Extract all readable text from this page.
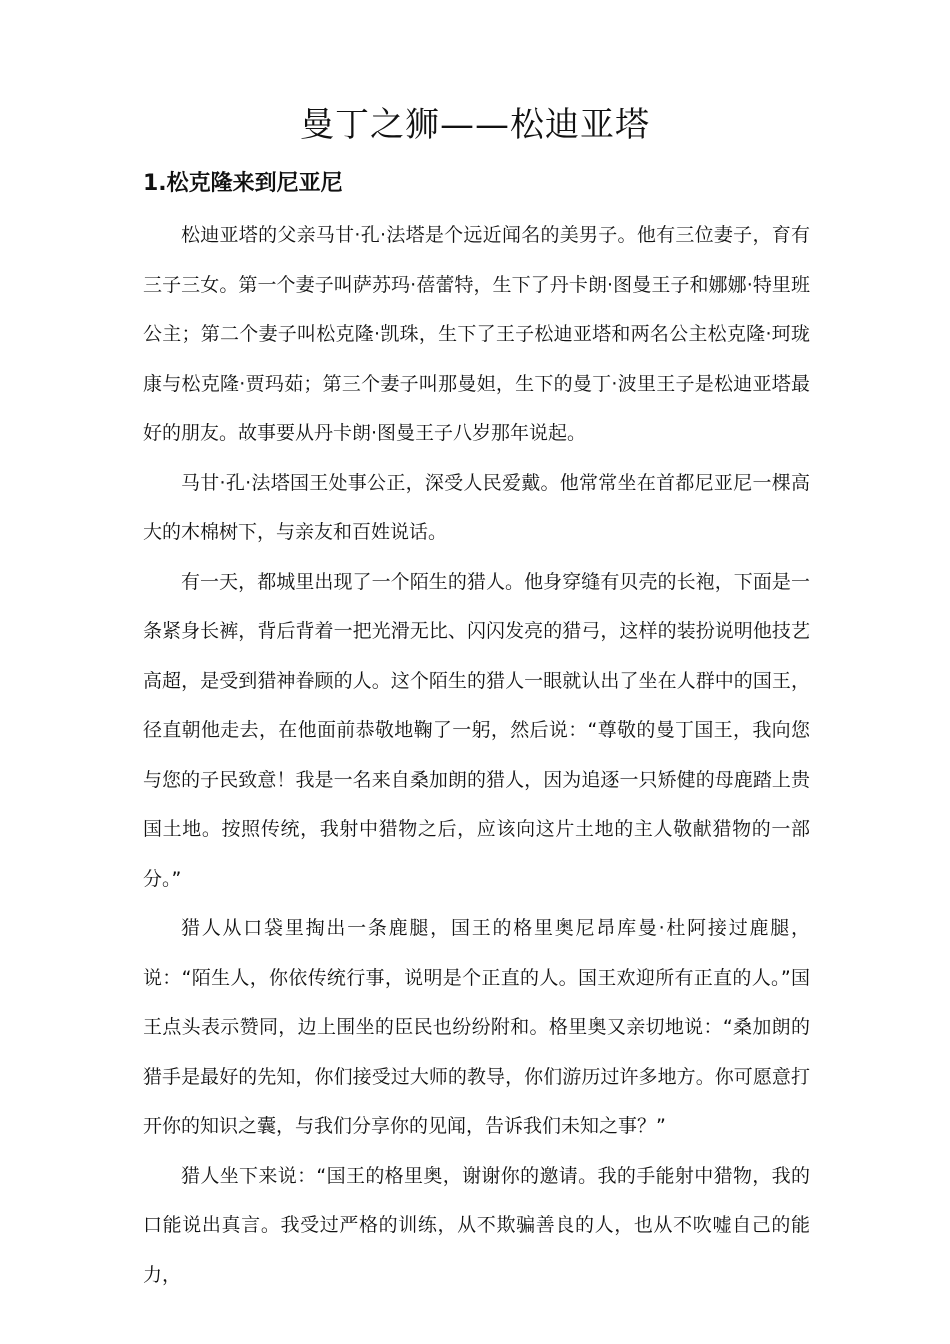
曼丁之狮——松迪亚塔
1.松克隆来到尼亚尼

松迪亚塔的父亲马甘·孔·法塔是个远近闻名的美男子。他有三位妻子，育有三子三女。第一个妻子叫萨苏玛·蓓蕾特，生下了丹卡朗·图曼王子和娜娜·特里班公主；第二个妻子叫松克隆·凯珠，生下了王子松迪亚塔和两名公主松克隆·珂珑康与松克隆·贾玛茹；第三个妻子叫那曼妲，生下的曼丁·波里王子是松迪亚塔最好的朋友。故事要从丹卡朗·图曼王子八岁那年说起。

马甘·孔·法塔国王处事公正，深受人民爱戴。他常常坐在首都尼亚尼一棵高大的木棉树下，与亲友和百姓说话。

有一天，都城里出现了一个陌生的猎人。他身穿缝有贝壳的长袍，下面是一条紧身长裤，背后背着一把光滑无比、闪闪发亮的猎弓，这样的装扮说明他技艺高超，是受到猎神眷顾的人。这个陌生的猎人一眼就认出了坐在人群中的国王，径直朝他走去，在他面前恭敬地鞠了一躬，然后说：“尊敬的曼丁国王，我向您与您的子民致意！我是一名来自桑加朗的猎人，因为追逐一只矫健的母鹿踏上贵国土地。按照传统，我射中猎物之后，应该向这片土地的主人敬献猎物的一部分。”

猎人从口袋里掏出一条鹿腿，国王的格里奥尼昂库曼·杜阿接过鹿腿，说：“陌生人，你依传统行事，说明是个正直的人。国王欢迎所有正直的人。”国王点头表示赞同，边上围坐的臣民也纷纷附和。格里奥又亲切地说：“桑加朗的猎手是最好的先知，你们接受过大师的教导，你们游历过许多地方。你可愿意打开你的知识之囊，与我们分享你的见闻，告诉我们未知之事？”

猎人坐下来说：“国王的格里奥，谢谢你的邀请。我的手能射中猎物，我的口能说出真言。我受过严格的训练，从不欺骗善良的人，也从不吹嘘自己的能力，
